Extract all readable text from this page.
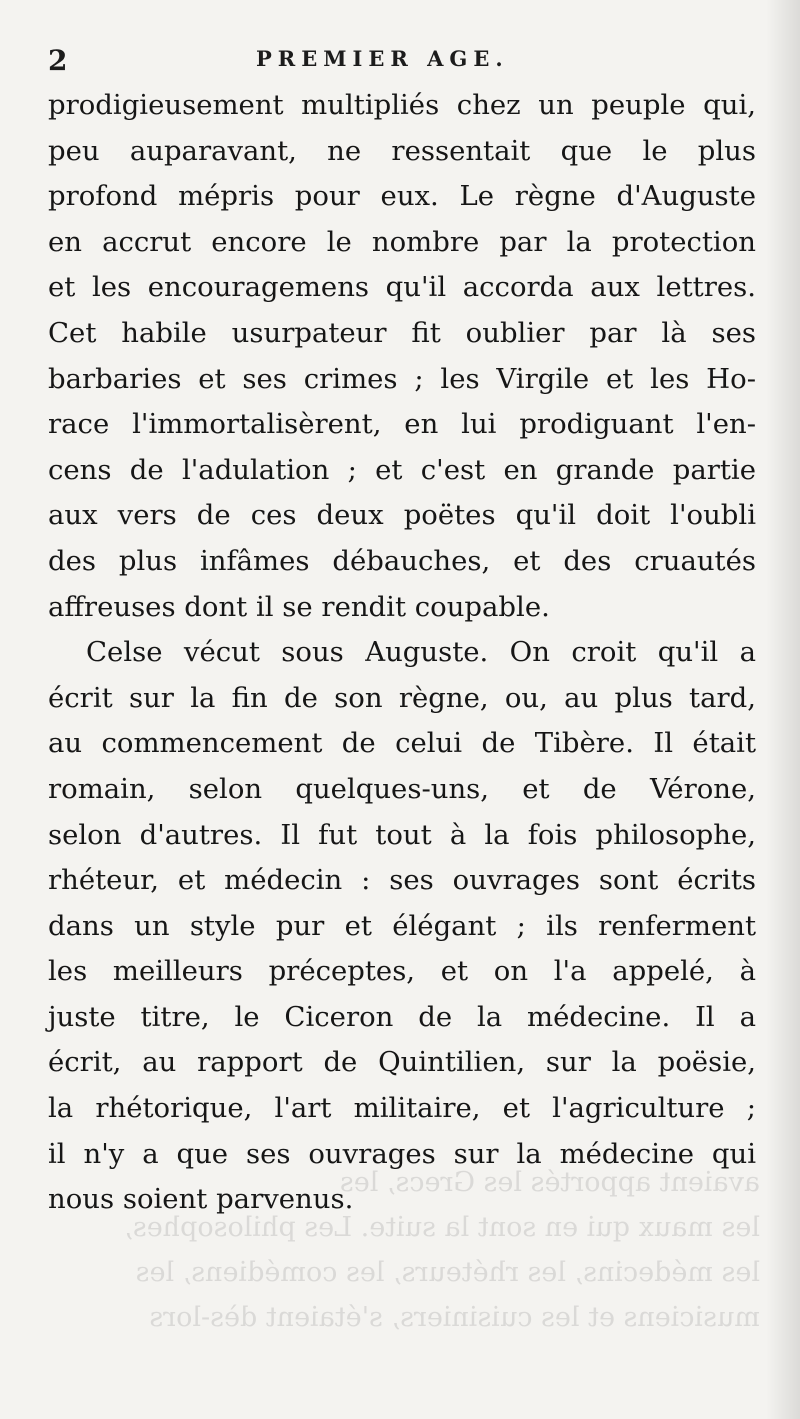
2	PREMIER AGE.
prodigieusement multipliés chez un peuple qui,
peu auparavant, ne ressentait que le plus
profond mépris pour eux. Le règne d'Auguste
en accrut encore le nombre par la protection
et les encouragemens qu'il accorda aux lettres.
Cet habile usurpateur fit oublier par là ses
barbaries et ses crimes ; les Virgile et les Ho-
race l'immortalisèrent, en lui prodiguant l'en-
cens de l'adulation ; et c'est en grande partie
aux vers de ces deux poëtes qu'il doit l'oubli
des plus infâmes débauches, et des cruautés
affreuses dont il se rendit coupable.
Celse vécut sous Auguste. On croit qu'il a
écrit sur la fin de son règne, ou, au plus tard,
au commencement de celui de Tibère. Il était
romain, selon quelques-uns, et de Vérone,
selon d'autres. Il fut tout à la fois philosophe,
rhéteur, et médecin : ses ouvrages sont écrits
dans un style pur et élégant ; ils renferment
les meilleurs préceptes, et on l'a appelé, à
juste titre, le Ciceron de la médecine. Il a
écrit, au rapport de Quintilien, sur la poësie,
la rhétorique, l'art militaire, et l'agriculture ;
il n'y a que ses ouvrages sur la médecine qui
nous soient parvenus.
avaient apportés les Grecs, les
les maux qui en sont la suite. Les philosophes,
les médecins, les rhéteurs, les comédiens, les
musiciens et les cuisiniers, s'étaient dès-lors
